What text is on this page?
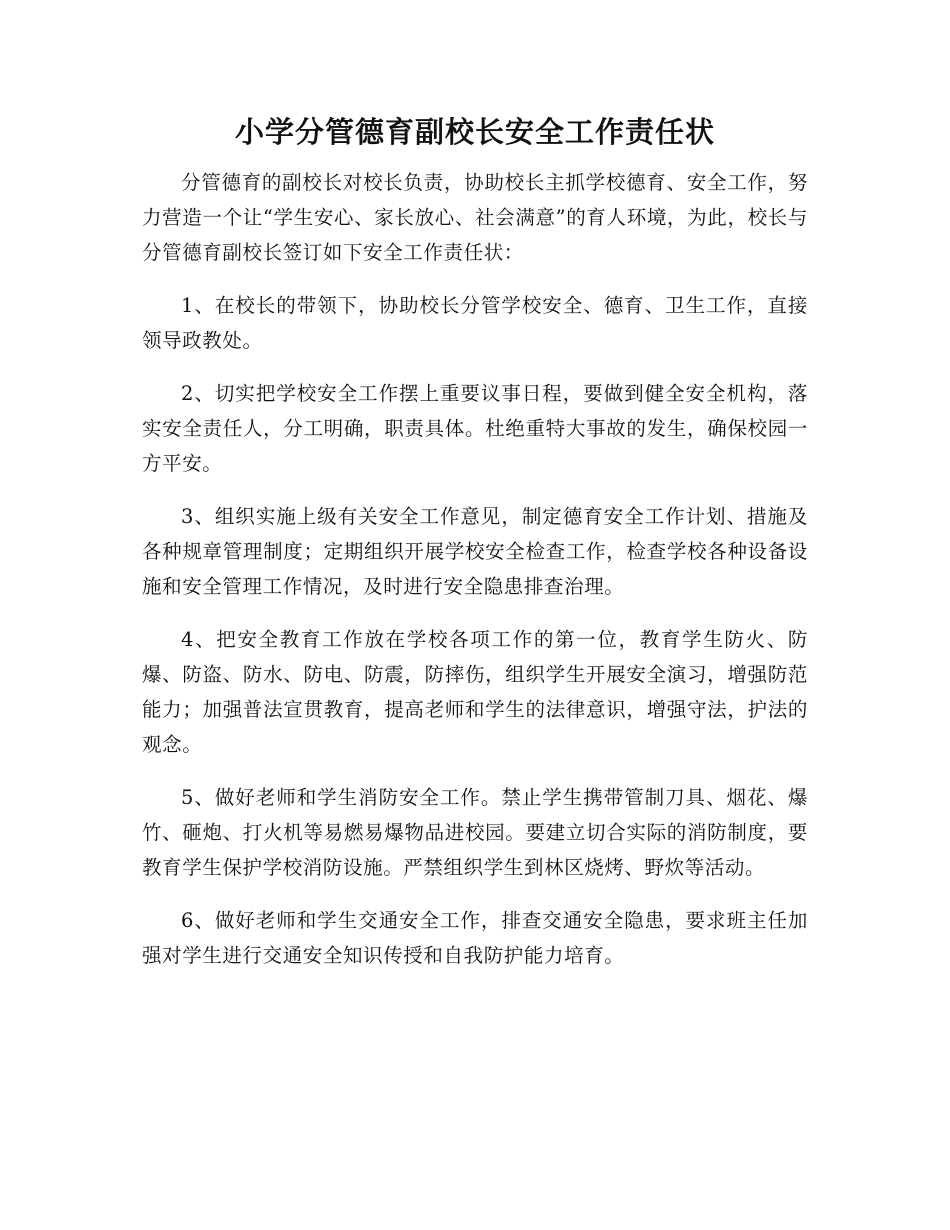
小学分管德育副校长安全工作责任状

分管德育的副校长对校长负责，协助校长主抓学校德育、安全工作，努力营造一个让“学生安心、家长放心、社会满意”的育人环境，为此，校长与分管德育副校长签订如下安全工作责任状：

1、在校长的带领下，协助校长分管学校安全、德育、卫生工作，直接领导政教处。

2、切实把学校安全工作摆上重要议事日程，要做到健全安全机构，落实安全责任人，分工明确，职责具体。杜绝重特大事故的发生，确保校园一方平安。

3、组织实施上级有关安全工作意见，制定德育安全工作计划、措施及各种规章管理制度；定期组织开展学校安全检查工作，检查学校各种设备设施和安全管理工作情况，及时进行安全隐患排查治理。

4、把安全教育工作放在学校各项工作的第一位，教育学生防火、防爆、防盗、防水、防电、防震，防摔伤，组织学生开展安全演习，增强防范能力；加强普法宣贯教育，提高老师和学生的法律意识，增强守法，护法的观念。

5、做好老师和学生消防安全工作。禁止学生携带管制刀具、烟花、爆竹、砸炮、打火机等易燃易爆物品进校园。要建立切合实际的消防制度，要教育学生保护学校消防设施。严禁组织学生到林区烧烤、野炊等活动。

6、做好老师和学生交通安全工作，排查交通安全隐患，要求班主任加强对学生进行交通安全知识传授和自我防护能力培育。
